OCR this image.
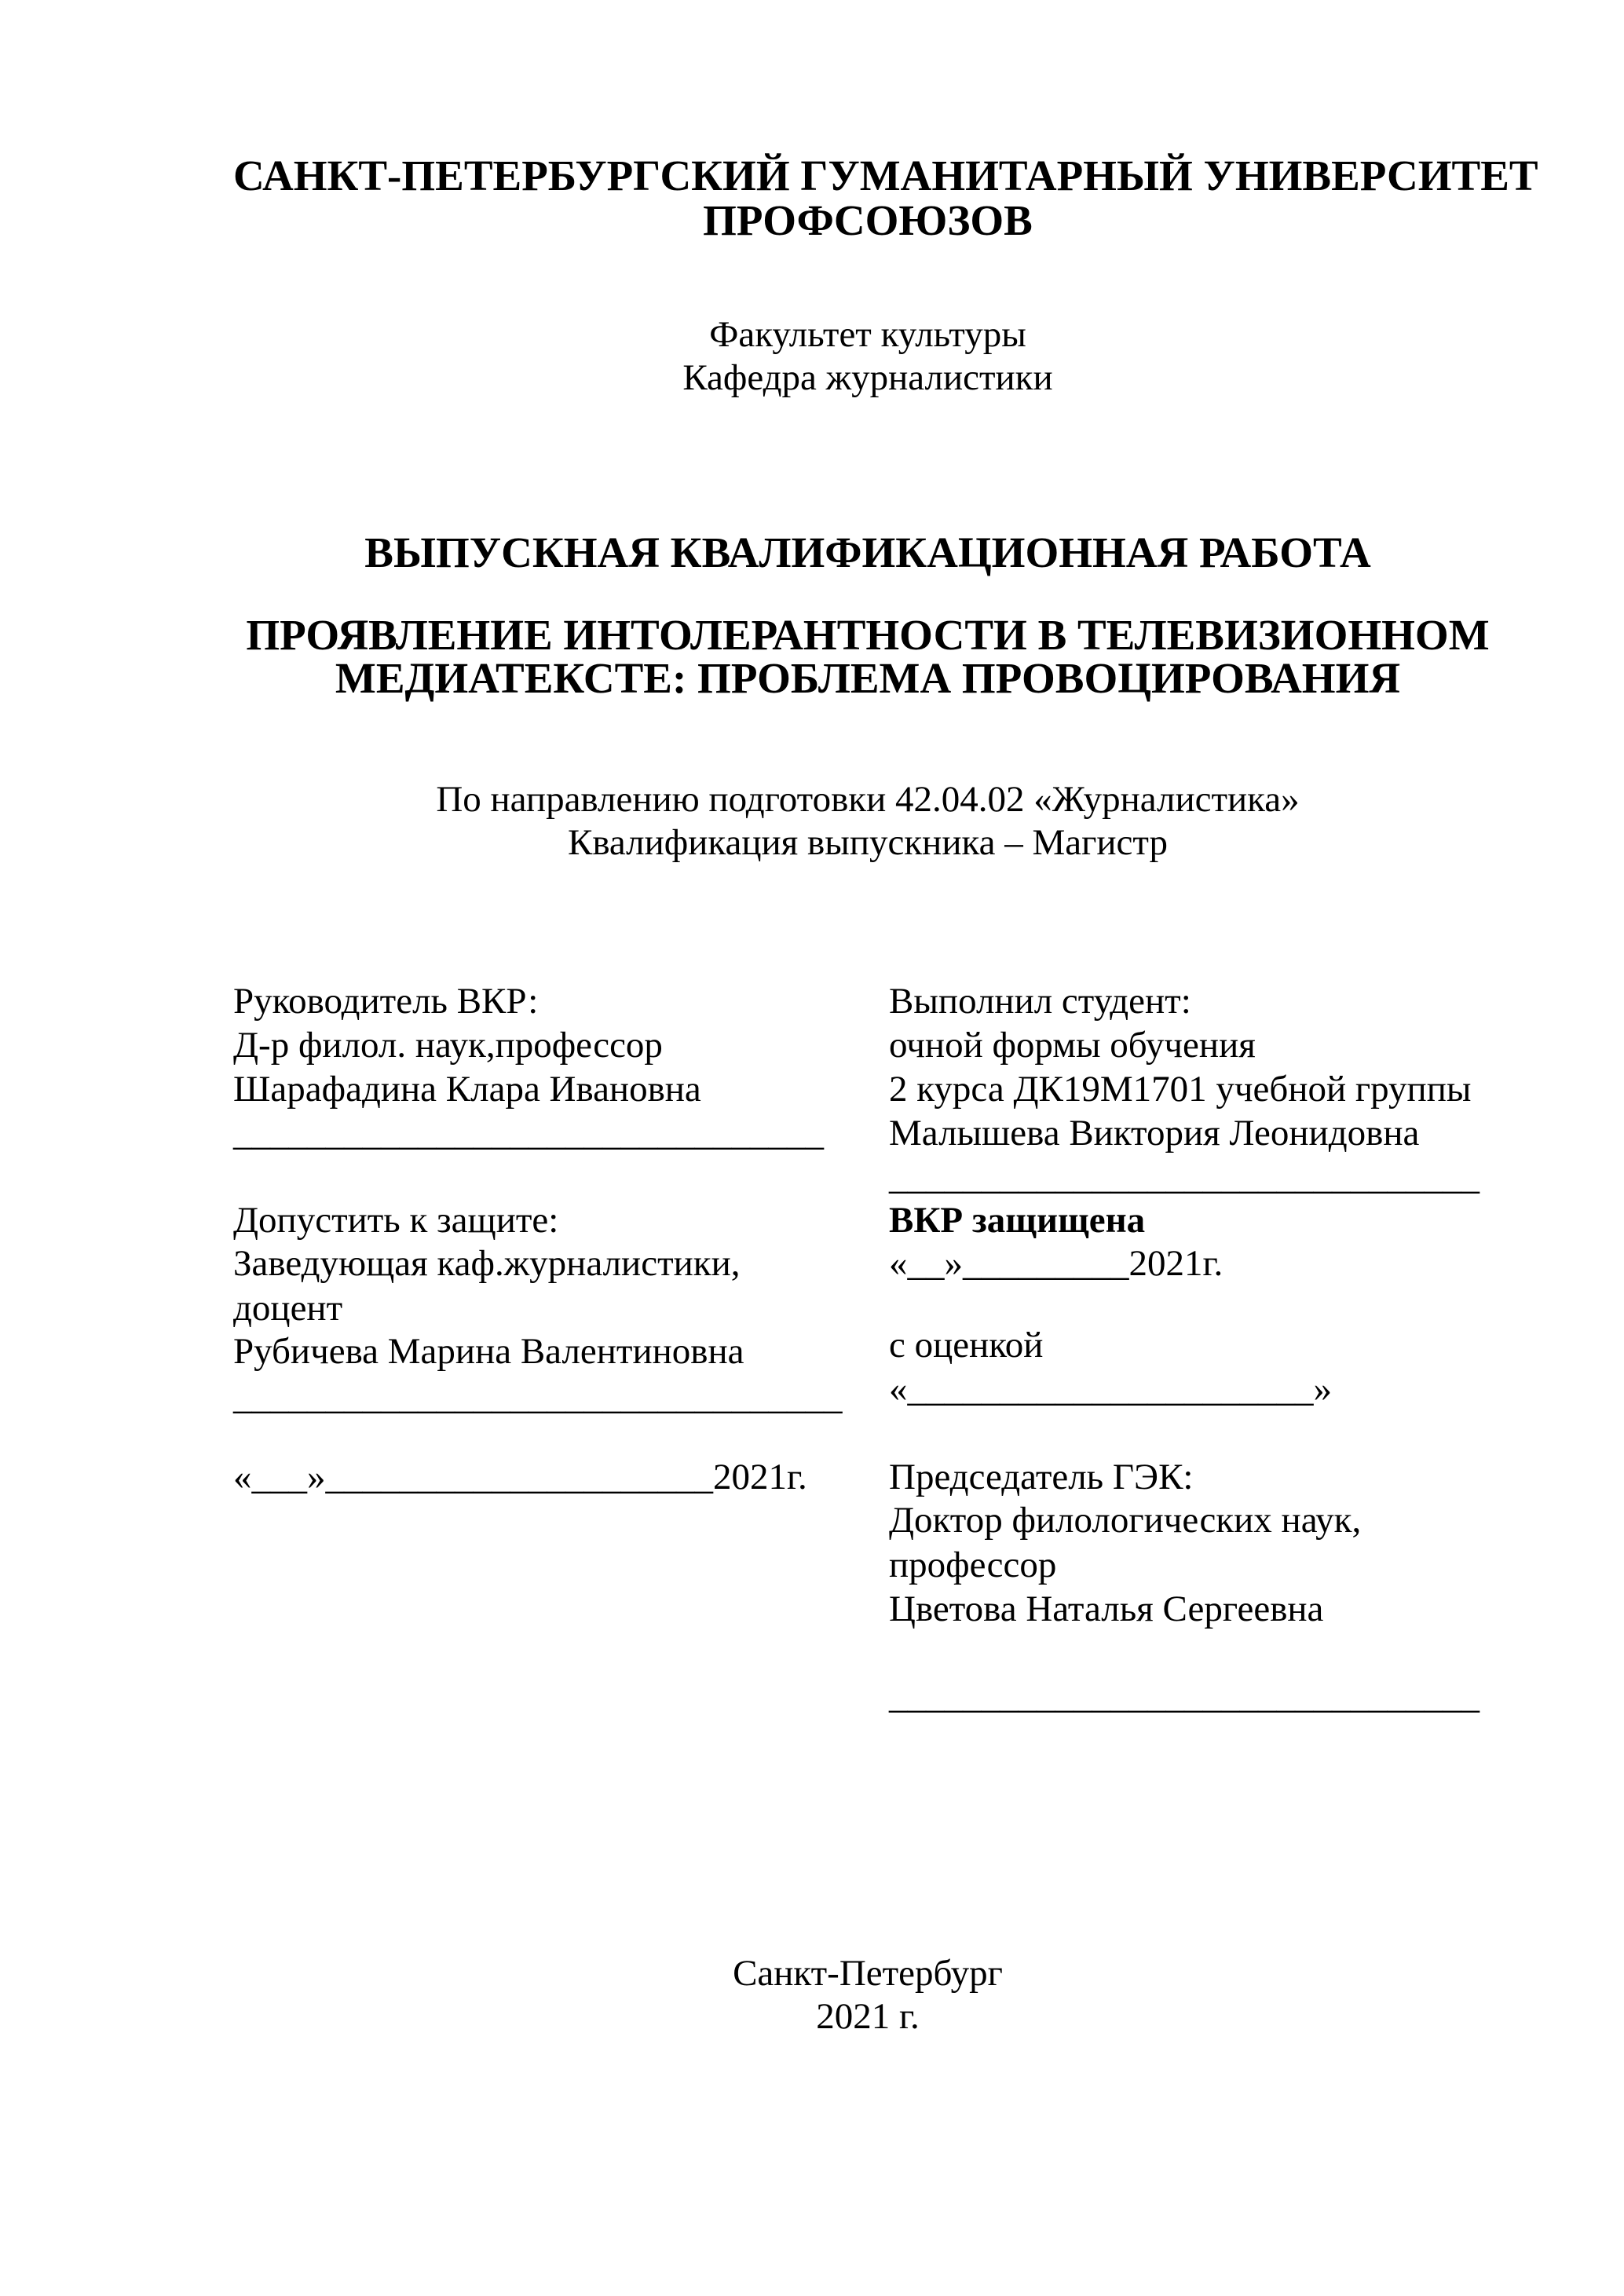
САНКТ-ПЕТЕРБУРГСКИЙ ГУМАНИТАРНЫЙ УНИВЕРСИТЕТ
ПРОФСОЮЗОВ
Факультет культуры
Кафедра журналистики
ВЫПУСКНАЯ КВАЛИФИКАЦИОННАЯ РАБОТА
ПРОЯВЛЕНИЕ ИНТОЛЕРАНТНОСТИ В ТЕЛЕВИЗИОННОМ
МЕДИАТЕКСТЕ: ПРОБЛЕМА ПРОВОЦИРОВАНИЯ
По направлению подготовки 42.04.02 «Журналистика»
Квалификация выпускника – Магистр
Руководитель ВКР:
Д-р филол. наук,профессор
Шарафадина Клара Ивановна
________________________________
Допустить к защите:
Заведующая каф.журналистики,
доцент
Рубичева Марина Валентиновна
_________________________________
«___»_____________________2021г.
Выполнил студент:
очной формы обучения
2 курса ДК19М1701 учебной группы
Малышева Виктория Леонидовна
________________________________
ВКР защищена
«__»_________2021г.
с оценкой
«______________________»
Председатель ГЭК:
Доктор филологических наук,
профессор
Цветова Наталья Сергеевна
________________________________
Санкт-Петербург
2021 г.
